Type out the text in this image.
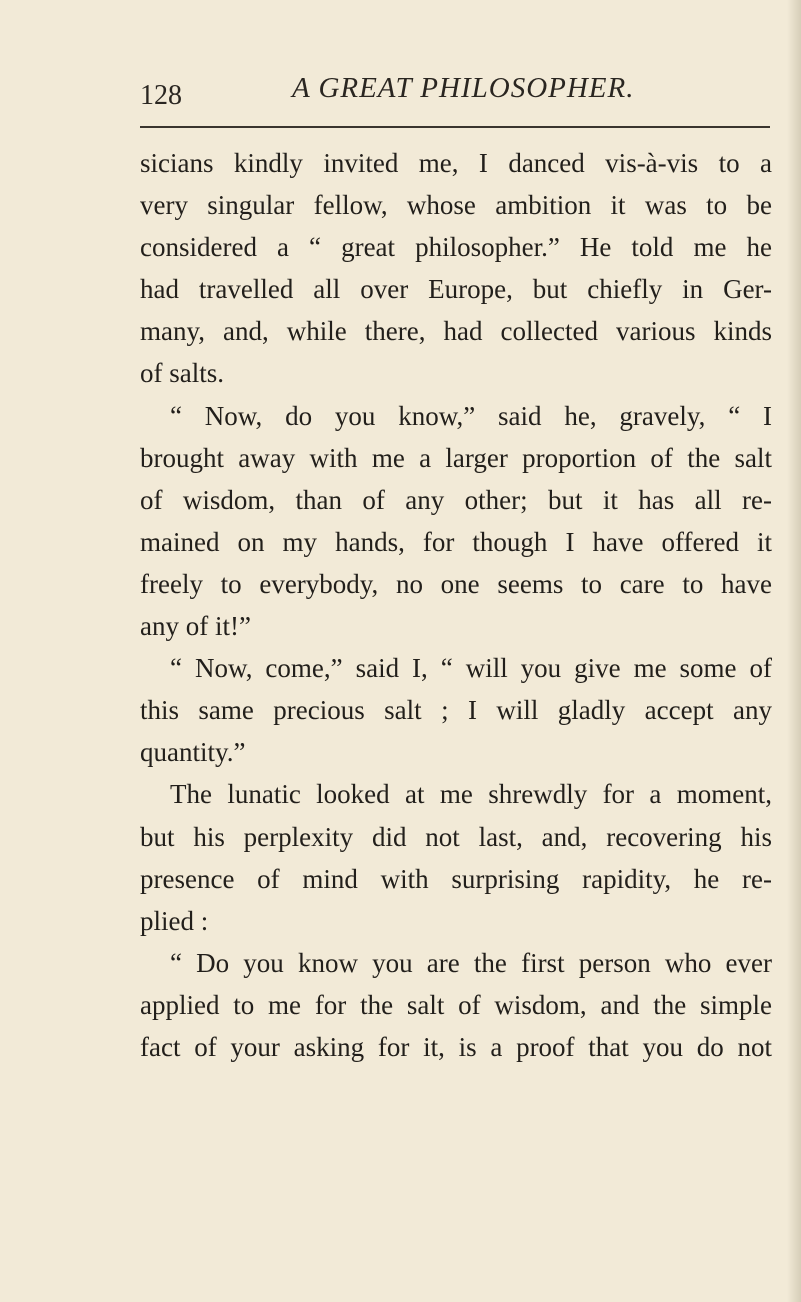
128	A GREAT PHILOSOPHER.
sicians kindly invited me, I danced vis-à-vis to a
very singular fellow, whose ambition it was to be
considered a “ great philosopher.” He told me he
had travelled all over Europe, but chiefly in Ger-
many, and, while there, had collected various kinds
of salts.
“ Now, do you know,” said he, gravely, “ I
brought away with me a larger proportion of the salt
of wisdom, than of any other; but it has all re-
mained on my hands, for though I have offered it
freely to everybody, no one seems to care to have
any of it!”
“ Now, come,” said I, “ will you give me some of
this same precious salt ; I will gladly accept any
quantity.”
The lunatic looked at me shrewdly for a moment,
but his perplexity did not last, and, recovering his
presence of mind with surprising rapidity, he re-
plied :
“ Do you know you are the first person who ever
applied to me for the salt of wisdom, and the simple
fact of your asking for it, is a proof that you do not
